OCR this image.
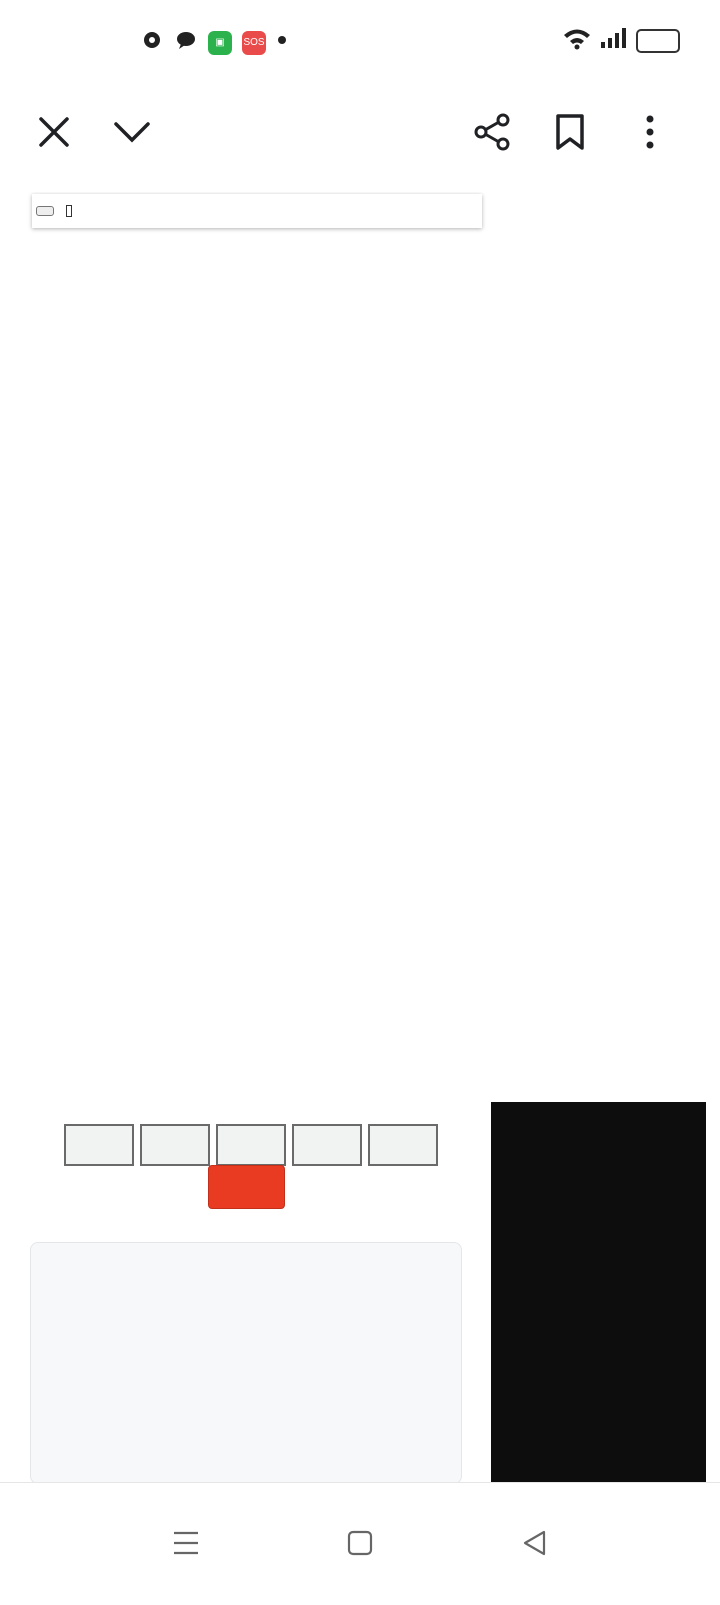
▣	SOS
